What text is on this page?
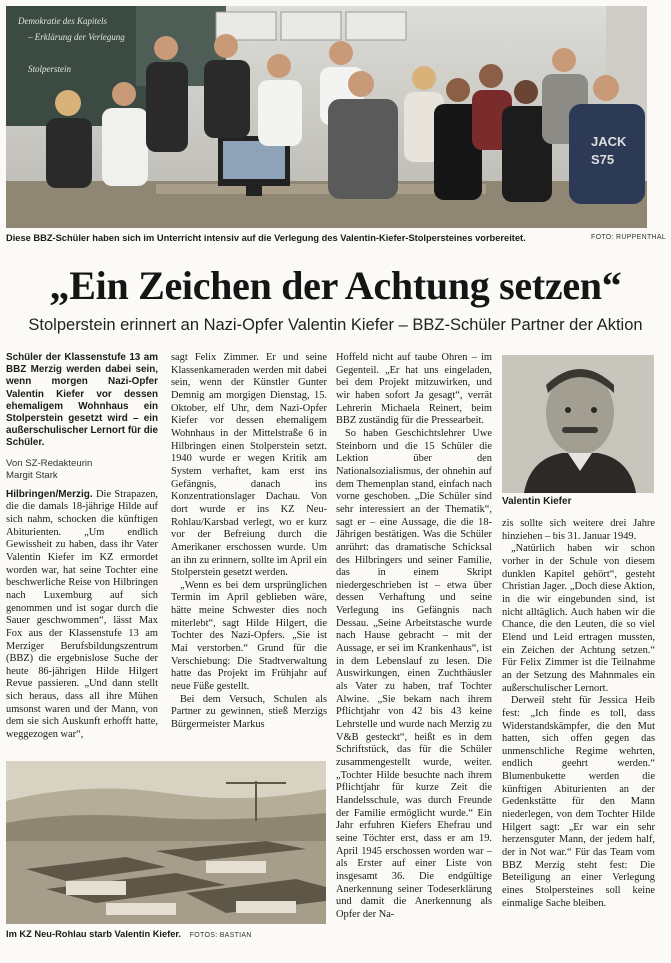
JACK
S75
Demokratie des Kapitels
– Erklärung der Verlegung
Stolperstein
Diese BBZ-Schüler haben sich im Unterricht intensiv auf die Verlegung des Valentin-Kiefer-Stolpersteines vorbereitet.	FOTO: RUPPENTHAL
„Ein Zeichen der Achtung setzen“
Stolperstein erinnert an Nazi-Opfer Valentin Kiefer – BBZ-Schüler Partner der Aktion
Schüler der Klassenstufe 13 am BBZ Merzig werden dabei sein, wenn morgen Nazi-Opfer Valentin Kiefer vor dessen ehemaligem Wohnhaus ein Stolperstein gesetzt wird – ein außerschulischer Lernort für die Schüler.
Von SZ-Redakteurin
Margit Stark

Hilbringen/Merzig. Die Strapazen, die die damals 18-jährige Hilde auf sich nahm, schocken die künftigen Abiturienten. „Um endlich Gewissheit zu haben, dass ihr Vater Valentin Kiefer im KZ ermordet worden war, hat seine Tochter eine beschwerliche Reise von Hilbringen nach Luxemburg auf sich genommen und ist sogar durch die Sauer geschwommen“, lässt Max Fox aus der Klassenstufe 13 am Merziger Berufsbildungszentrum (BBZ) die ergebnislose Suche der heute 86-jährigen Hilde Hilgert Revue passieren. „Und dann stellt sich heraus, dass all ihre Mühen umsonst waren und der Mann, von dem sie sich Auskunft erhofft hatte, weggezogen war“,

sagt Felix Zimmer. Er und seine Klassenkameraden werden mit dabei sein, wenn der Künstler Gunter Demnig am morgigen Dienstag, 15. Oktober, elf Uhr, dem Nazi-Opfer Kiefer vor dessen ehemaligem Wohnhaus in der Mittelstraße 6 in Hilbringen einen Stolperstein setzt. 1940 wurde er wegen Kritik am System verhaftet, kam erst ins Gefängnis, danach ins Konzentrationslager Dachau. Von dort wurde er ins KZ Neu-Rohlau/Karsbad verlegt, wo er kurz vor der Befreiung durch die Amerikaner erschossen wurde. Um an ihn zu erinnern, sollte im April ein Stolperstein gesetzt werden.

„Wenn es bei dem ursprünglichen Termin im April geblieben wäre, hätte meine Schwester dies noch miterlebt“, sagt Hilde Hilgert, die Tochter des Nazi-Opfers. „Sie ist Mai verstorben.“ Grund für die Verschiebung: Die Stadtverwaltung hatte das Projekt im Frühjahr auf neue Füße gestellt.

Bei dem Versuch, Schulen als Partner zu gewinnen, stieß Merzigs Bürgermeister Markus

Hoffeld nicht auf taube Ohren – im Gegenteil. „Er hat uns eingeladen, bei dem Projekt mitzuwirken, und wir haben sofort Ja gesagt“, verrät Lehrerin Michaela Reinert, beim BBZ zuständig für die Pressearbeit.

So haben Geschichtslehrer Uwe Steinborn und die 15 Schüler die Lektion über den Nationalsozialismus, der ohnehin auf dem Themenplan stand, einfach nach vorne geschoben. „Die Schüler sind sehr interessiert an der Thematik“, sagt er – eine Aussage, die die 18-Jährigen bestätigen. Was die Schüler anrührt: das dramatische Schicksal des Hilbringers und seiner Familie, das in einem Skript niedergeschrieben ist – etwa über dessen Verhaftung und seine Verlegung ins Gefängnis nach Dessau. „Seine Arbeitstasche wurde nach Hause gebracht – mit der Aussage, er sei im Krankenhaus“, ist in dem Lebenslauf zu lesen. Die Auswirkungen, einen Zuchthäusler als Vater zu haben, traf Tochter Alwine. „Sie bekam nach ihrem Pflichtjahr von 42 bis 43 keine Lehrstelle und wurde nach Merzig zu V&B gesteckt“, heißt es in dem Schriftstück, das für die Schüler zusammengestellt wurde, weiter. „Tochter Hilde besuchte nach ihrem Pflichtjahr für kurze Zeit die Handelsschule, was durch Freunde der Familie ermöglicht wurde.“ Ein Jahr erfuhren Kiefers Ehefrau und seine Töchter erst, dass er am 19. April 1945 erschossen worden war – als Erster auf einer Liste von insgesamt 36. Die endgültige Anerkennung seiner Todeserklärung und damit die Anerkennung als Opfer der Na-

Valentin Kiefer

zis sollte sich weitere drei Jahre hinziehen – bis 31. Januar 1949.

„Natürlich haben wir schon vorher in der Schule von diesem dunklen Kapitel gehört“, gesteht Christian Jager. „Doch diese Aktion, in die wir eingebunden sind, ist nicht alltäglich. Auch haben wir die Chance, die den Leuten, die so viel Elend und Leid ertragen mussten, ein Zeichen der Achtung setzen.“ Für Felix Zimmer ist die Teilnahme an der Setzung des Mahnmales ein außerschulischer Lernort.

Derweil steht für Jessica Heib fest: „Ich finde es toll, dass Widerstandskämpfer, die den Mut hatten, sich offen gegen das unmenschliche Regime wehrten, endlich geehrt werden.“ Blumenbukette werden die künftigen Abiturienten an der Gedenkstätte für den Mann niederlegen, von dem Tochter Hilde Hilgert sagt: „Er war ein sehr herzensguter Mann, der jedem half, der in Not war.“ Für das Team vom BBZ Merzig steht fest: Die Beteiligung an einer Verlegung eines Stolpersteines soll keine einmalige Sache bleiben.

Im KZ Neu-Rohlau starb Valentin Kiefer. FOTOS: BASTIAN
